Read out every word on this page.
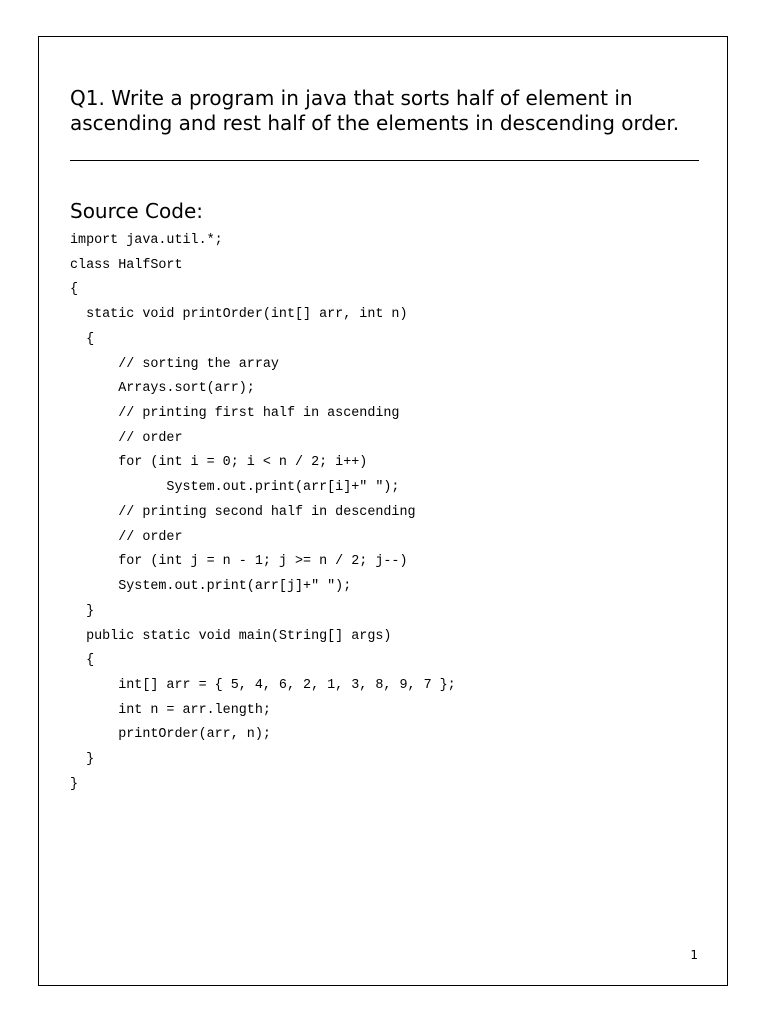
Q1. Write a program in java that sorts half of element in ascending and rest half of the elements in descending order.

Source Code:

import java.util.*;
class HalfSort
{
static void printOrder(int[] arr, int n)
{
// sorting the array
Arrays.sort(arr);
// printing first half in ascending
// order
for (int i = 0; i < n / 2; i++)
System.out.print(arr[i]+" ");
// printing second half in descending
// order
for (int j = n - 1; j >= n / 2; j--)
System.out.print(arr[j]+" ");
}
public static void main(String[] args)
{
int[] arr = { 5, 4, 6, 2, 1, 3, 8, 9, 7 };
int n = arr.length;
printOrder(arr, n);
}
}
1
